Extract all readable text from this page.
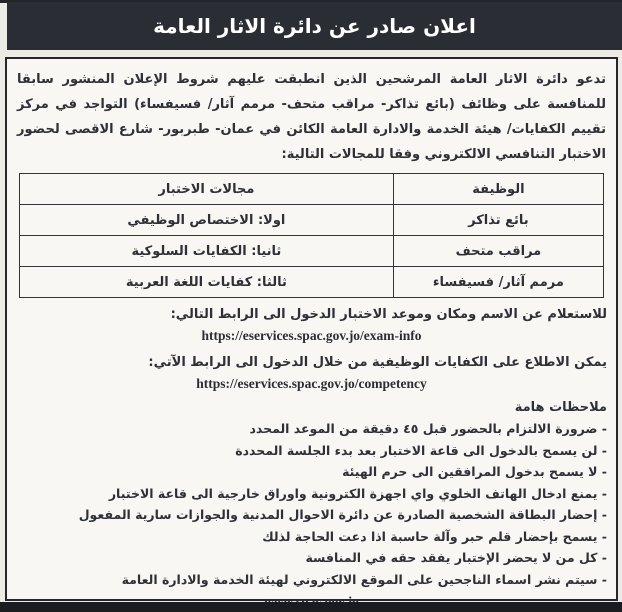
اعلان صادر عن دائرة الاثار العامة

تدعو دائرة الاثار العامة المرشحين الذين انطبقت عليهم شروط الإعلان المنشور سابقا للمنافسة على وظائف (بائع تذاكر- مراقب متحف- مرمم آثار/ فسيفساء) التواجد في مركز تقييم الكفايات/ هيئة الخدمة والادارة العامة الكائن في عمان- طبربور- شارع الاقصى لحضور الاختبار التنافسي الالكتروني وفقا للمجالات التالية:

الوظيفة	مجالات الاختبار
بائع تذاكر	اولا: الاختصاص الوظيفي
مراقب متحف	ثانيا: الكفايات السلوكية
مرمم آثار/ فسيفساء	ثالثا: كفايات اللغة العربية
للاستعلام عن الاسم ومكان وموعد الاختبار الدخول الى الرابط التالي:
https://eservices.spac.gov.jo/exam-info
يمكن الاطلاع على الكفايات الوظيفية من خلال الدخول الى الرابط الآتي:
https://eservices.spac.gov.jo/competency
ملاحظات هامة
- ضرورة الالتزام بالحضور قبل ٤٥ دقيقة من الموعد المحدد
- لن يسمح بالدخول الى قاعة الاختبار بعد بدء الجلسة المحددة
- لا يسمح بدخول المرافقين الى حرم الهيئة
- يمنع ادخال الهاتف الخلوي واي اجهزة الكترونية واوراق خارجية الى قاعة الاختبار
- إحضار البطاقة الشخصية الصادرة عن دائرة الاحوال المدنية والجوازات سارية المفعول
- يسمح بإحضار قلم حبر وآلة حاسبة اذا دعت الحاجة لذلك
- كل من لا يحضر الإختبار يفقد حقه في المنافسة
- سيتم نشر اسماء الناجحين على الموقع الالكتروني لهيئة الخدمة والادارة العامة
